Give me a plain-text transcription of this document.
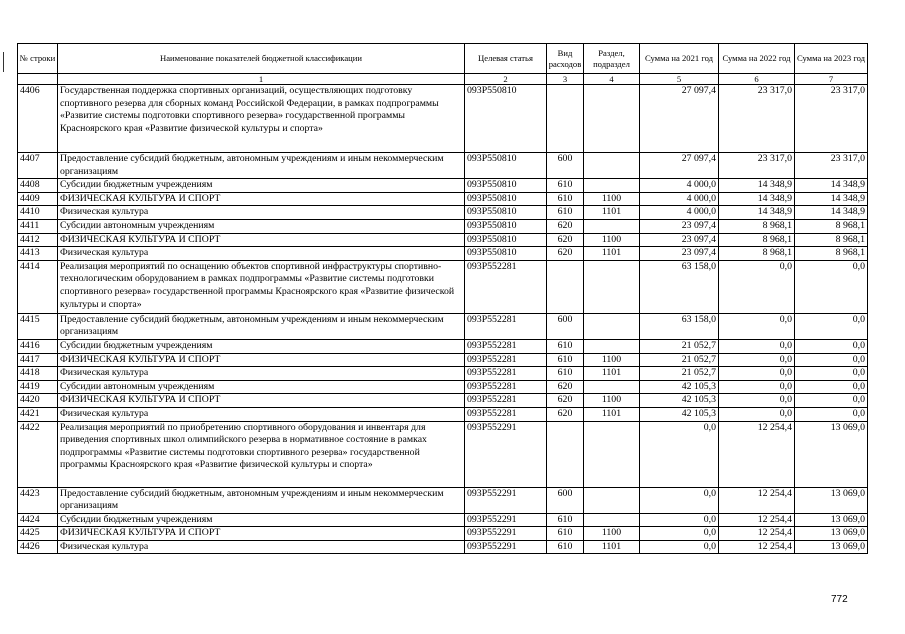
№ строки	Наименование показателей бюджетной классификации	Целевая статья	Вид расходов	Раздел, подраздел	Сумма на 2021 год	Сумма на 2022 год	Сумма на 2023 год
	1	2	3	4	5	6	7
4406	Государственная поддержка спортивных организаций, осуществляющих подготовку спортивного резерва для сборных команд Российской Федерации, в рамках подпрограммы «Развитие системы подготовки спортивного резерва» государственной программы Красноярского края «Развитие физической культуры и спорта»	093Р550810			27 097,4	23 317,0	23 317,0
4407	Предоставление субсидий бюджетным, автономным учреждениям и иным некоммерческим организациям	093Р550810	600		27 097,4	23 317,0	23 317,0
4408	Субсидии бюджетным учреждениям	093Р550810	610		4 000,0	14 348,9	14 348,9
4409	ФИЗИЧЕСКАЯ КУЛЬТУРА И СПОРТ	093Р550810	610	1100	4 000,0	14 348,9	14 348,9
4410	Физическая культура	093Р550810	610	1101	4 000,0	14 348,9	14 348,9
4411	Субсидии автономным учреждениям	093Р550810	620		23 097,4	8 968,1	8 968,1
4412	ФИЗИЧЕСКАЯ КУЛЬТУРА И СПОРТ	093Р550810	620	1100	23 097,4	8 968,1	8 968,1
4413	Физическая культура	093Р550810	620	1101	23 097,4	8 968,1	8 968,1
4414	Реализация мероприятий по оснащению объектов спортивной инфраструктуры спортивно-технологическим оборудованием в рамках подпрограммы «Развитие системы подготовки спортивного резерва» государственной программы Красноярского края «Развитие физической культуры и спорта»	093Р552281			63 158,0	0,0	0,0
4415	Предоставление субсидий бюджетным, автономным учреждениям и иным некоммерческим организациям	093Р552281	600		63 158,0	0,0	0,0
4416	Субсидии бюджетным учреждениям	093Р552281	610		21 052,7	0,0	0,0
4417	ФИЗИЧЕСКАЯ КУЛЬТУРА И СПОРТ	093Р552281	610	1100	21 052,7	0,0	0,0
4418	Физическая культура	093Р552281	610	1101	21 052,7	0,0	0,0
4419	Субсидии автономным учреждениям	093Р552281	620		42 105,3	0,0	0,0
4420	ФИЗИЧЕСКАЯ КУЛЬТУРА И СПОРТ	093Р552281	620	1100	42 105,3	0,0	0,0
4421	Физическая культура	093Р552281	620	1101	42 105,3	0,0	0,0
4422	Реализация мероприятий по приобретению спортивного оборудования и инвентаря для приведения спортивных школ олимпийского резерва в нормативное состояние в рамках подпрограммы «Развитие системы подготовки спортивного резерва» государственной программы Красноярского края «Развитие физической культуры и спорта»	093Р552291			0,0	12 254,4	13 069,0
4423	Предоставление субсидий бюджетным, автономным учреждениям и иным некоммерческим организациям	093Р552291	600		0,0	12 254,4	13 069,0
4424	Субсидии бюджетным учреждениям	093Р552291	610		0,0	12 254,4	13 069,0
4425	ФИЗИЧЕСКАЯ КУЛЬТУРА И СПОРТ	093Р552291	610	1100	0,0	12 254,4	13 069,0
4426	Физическая культура	093Р552291	610	1101	0,0	12 254,4	13 069,0
772
